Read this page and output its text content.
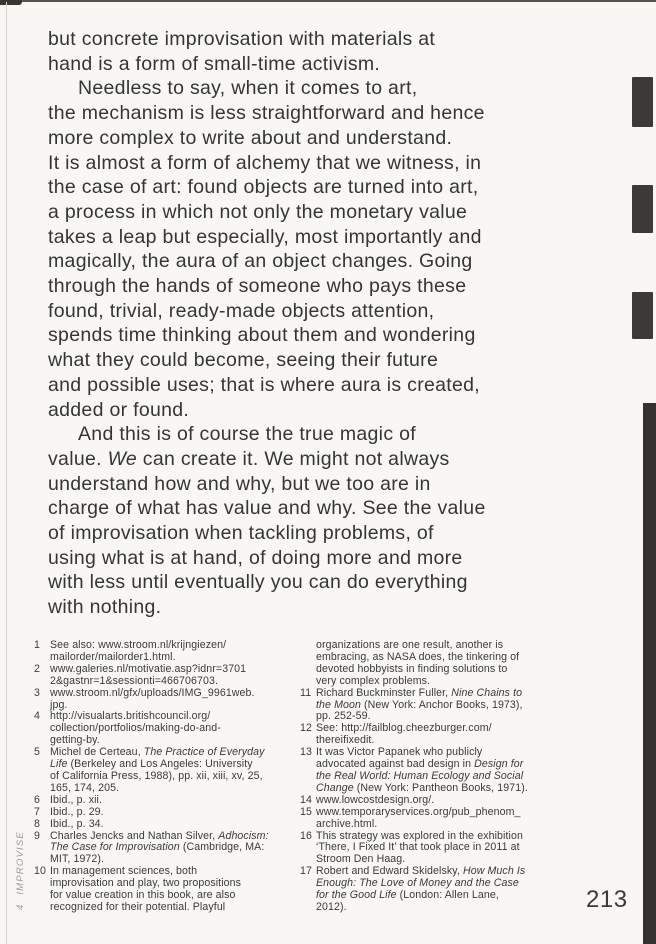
but concrete improvisation with materials at
hand is a form of small-time activism.
Needless to say, when it comes to art,
the mechanism is less straightforward and hence
more complex to write about and understand.
It is almost a form of alchemy that we witness, in
the case of art: found objects are turned into art,
a process in which not only the monetary value
takes a leap but especially, most importantly and
magically, the aura of an object changes. Going
through the hands of someone who pays these
found, trivial, ready-made objects attention,
spends time thinking about them and wondering
what they could become, seeing their future
and possible uses; that is where aura is created,
added or found.
And this is of course the true magic of
value. We can create it. We might not always
understand how and why, but we too are in
charge of what has value and why. See the value
of improvisation when tackling problems, of
using what is at hand, of doing more and more
with less until eventually you can do everything
with nothing.
1 See also: www.stroom.nl/krijngiezen/
mailorder/mailorder1.html.
2 www.galeries.nl/motivatie.asp?idnr=3701
2&gastnr=1&sessionti=466706703.
3 www.stroom.nl/gfx/uploads/IMG_9961web.
jpg.
4 http://visualarts.britishcouncil.org/
collection/portfolios/making-do-and-
getting-by.
5 Michel de Certeau, The Practice of Everyday
Life (Berkeley and Los Angeles: University
of California Press, 1988), pp. xii, xiii, xv, 25,
165, 174, 205.
6 Ibid., p. xii.
7 Ibid., p. 29.
8 Ibid., p. 34.
9 Charles Jencks and Nathan Silver, Adhocism:
The Case for Improvisation (Cambridge, MA:
MIT, 1972).
10 In management sciences, both
improvisation and play, two propositions
for value creation in this book, are also
recognized for their potential. Playful
organizations are one result, another is
embracing, as NASA does, the tinkering of
devoted hobbyists in finding solutions to
very complex problems.
11 Richard Buckminster Fuller, Nine Chains to
the Moon (New York: Anchor Books, 1973),
pp. 252-59.
12 See: http://failblog.cheezburger.com/
thereifixedit.
13 It was Victor Papanek who publicly
advocated against bad design in Design for
the Real World: Human Ecology and Social
Change (New York: Pantheon Books, 1971).
14 www.lowcostdesign.org/.
15 www.temporaryservices.org/pub_phenom_
archive.html.
16 This strategy was explored in the exhibition
‘There, I Fixed It’ that took place in 2011 at
Stroom Den Haag.
17 Robert and Edward Skidelsky, How Much Is
Enough: The Love of Money and the Case
for the Good Life (London: Allen Lane,
2012).
4 IMPROVISE	213
